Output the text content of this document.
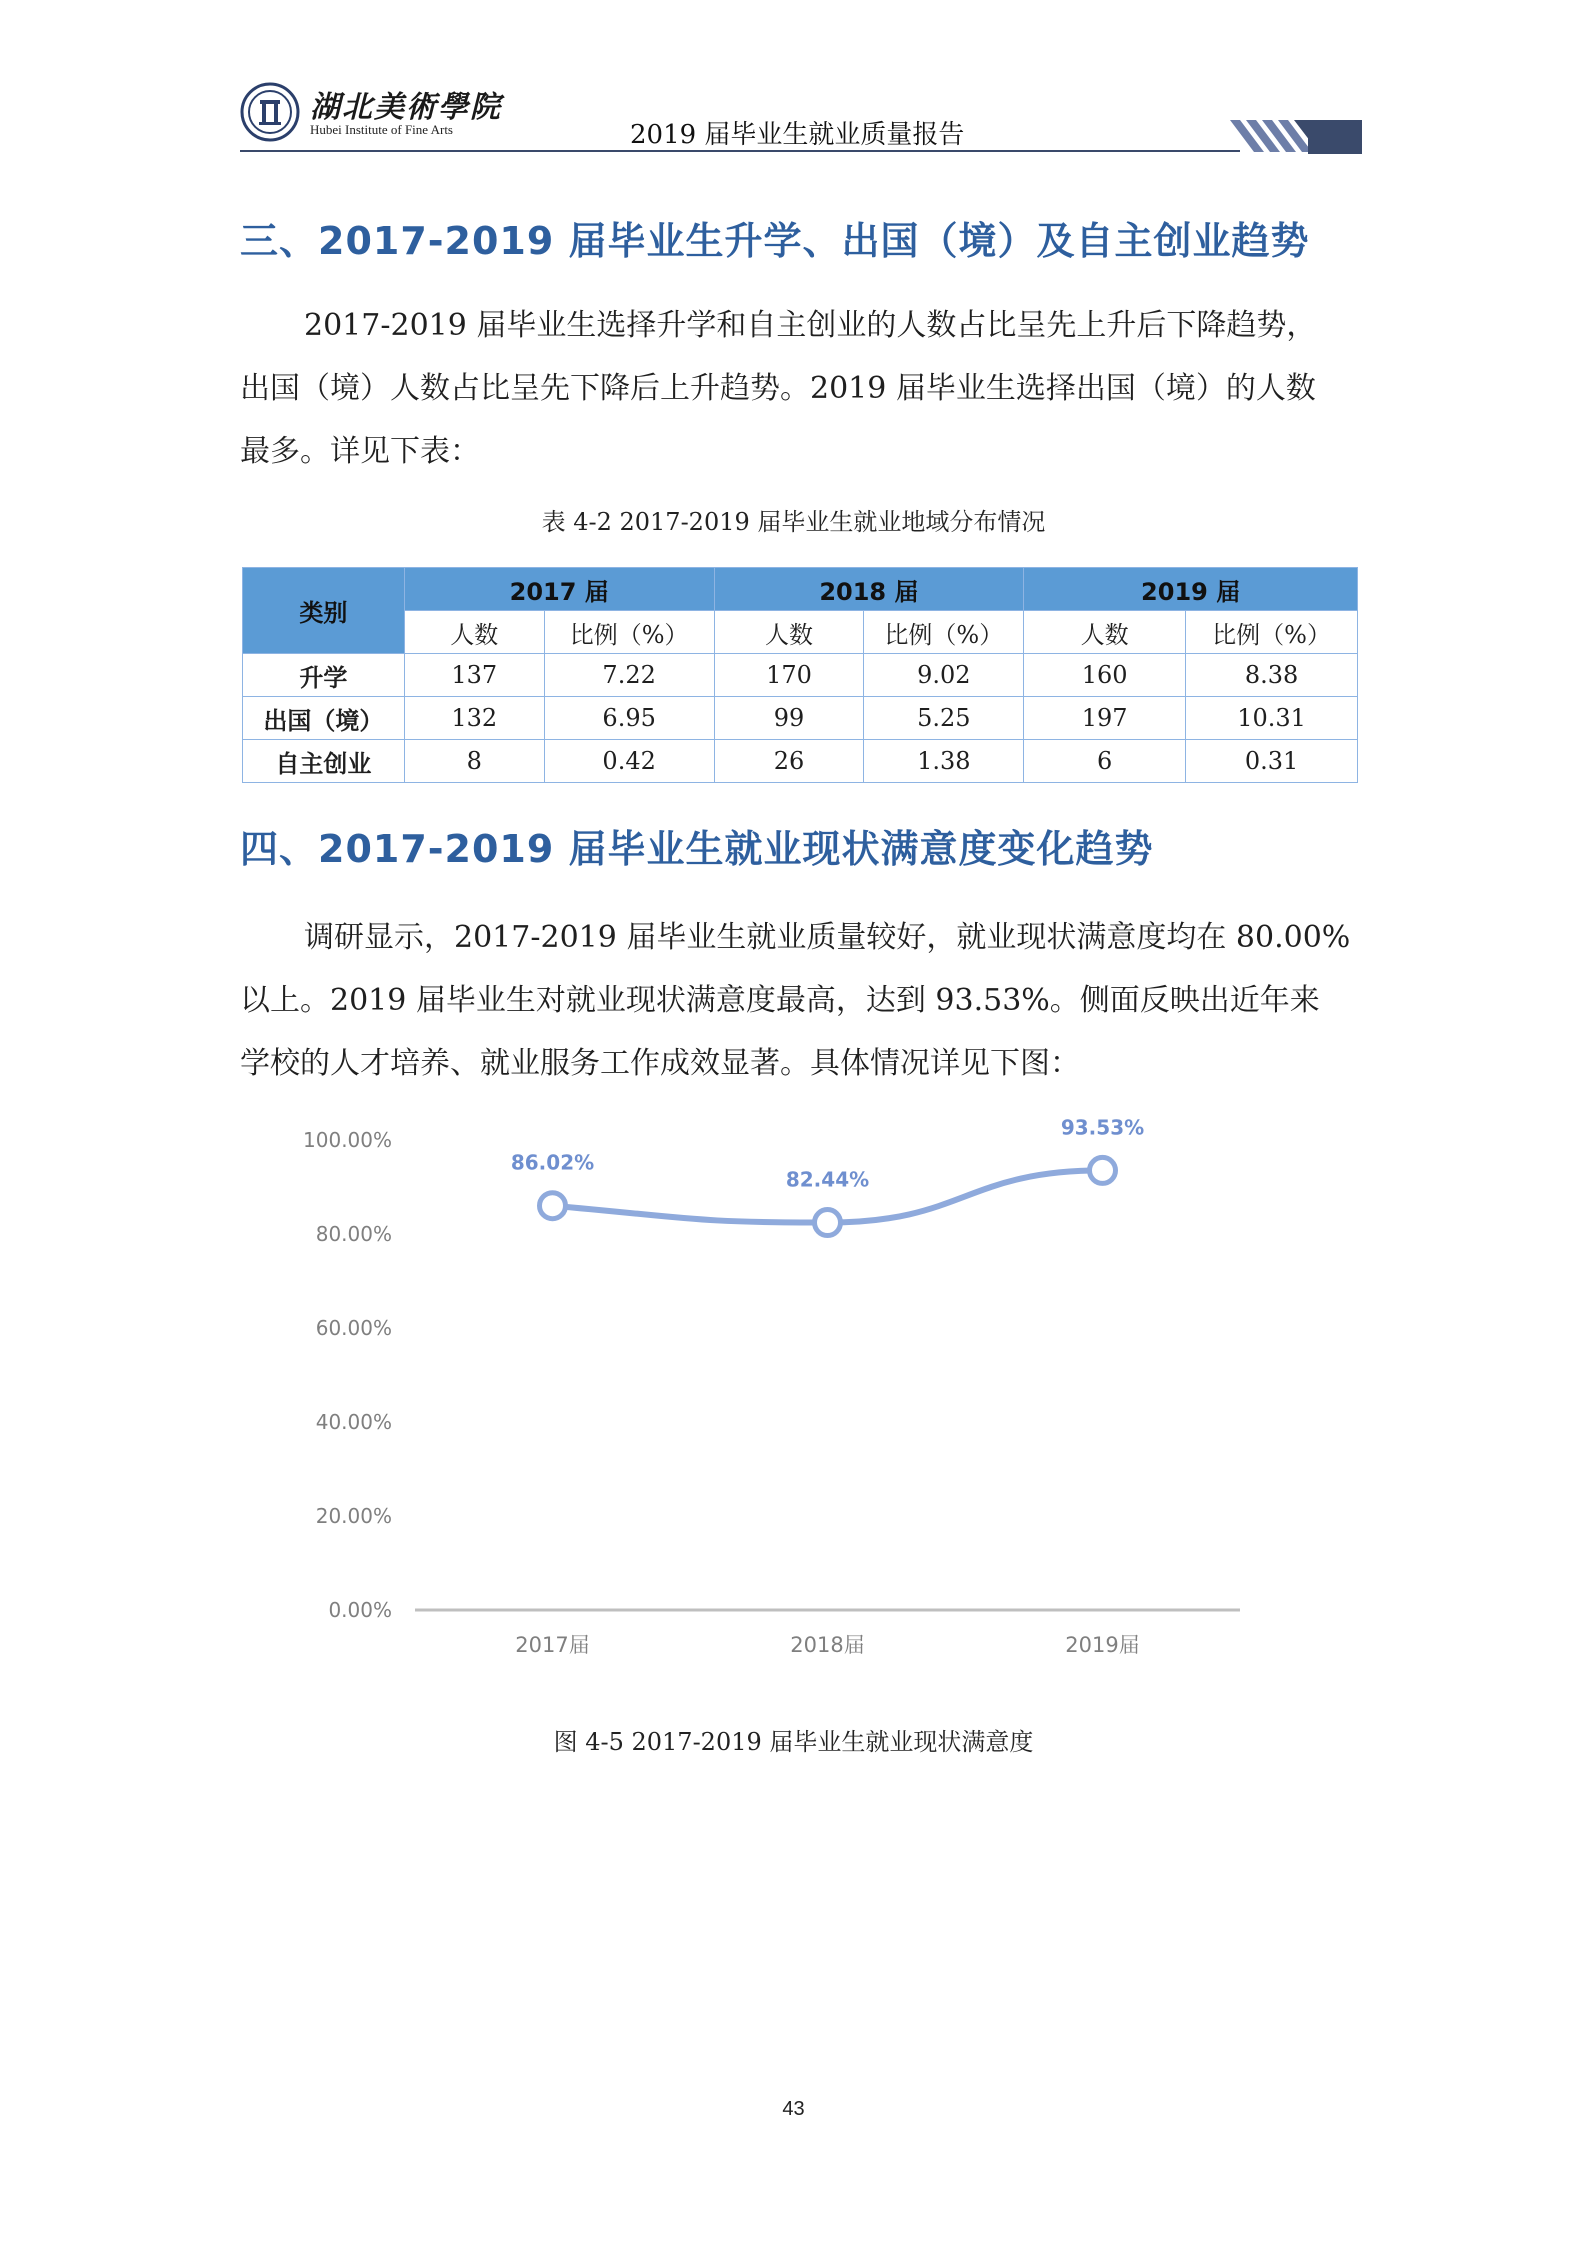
湖北美術學院
Hubei Institute of Fine Arts	2019 届毕业生就业质量报告
三、2017-2019 届毕业生升学、出国（境）及自主创业趋势

2017-2019 届毕业生选择升学和自主创业的人数占比呈先上升后下降趋势，

出国（境）人数占比呈先下降后上升趋势。2019 届毕业生选择出国（境）的人数

最多。详见下表：

表 4-2 2017-2019 届毕业生就业地域分布情况
类别	2017 届		2018 届		2019 届	
	人数	比例（%）	人数	比例（%）	人数	比例（%）
升学	137	7.22	170	9.02	160	8.38
出国（境）	132	6.95	99	5.25	197	10.31
自主创业	8	0.42	26	1.38	6	0.31
四、2017-2019 届毕业生就业现状满意度变化趋势

调研显示，2017-2019 届毕业生就业质量较好，就业现状满意度均在 80.00%

以上。2019 届毕业生对就业现状满意度最高，达到 93.53%。侧面反映出近年来

学校的人才培养、就业服务工作成效显著。具体情况详见下图：

0.00%
20.00%
40.00%
60.00%
80.00%
100.00%
86.02%
82.44%
93.53%
2017届	2018届	2019届
图 4-5 2017-2019 届毕业生就业现状满意度
43
